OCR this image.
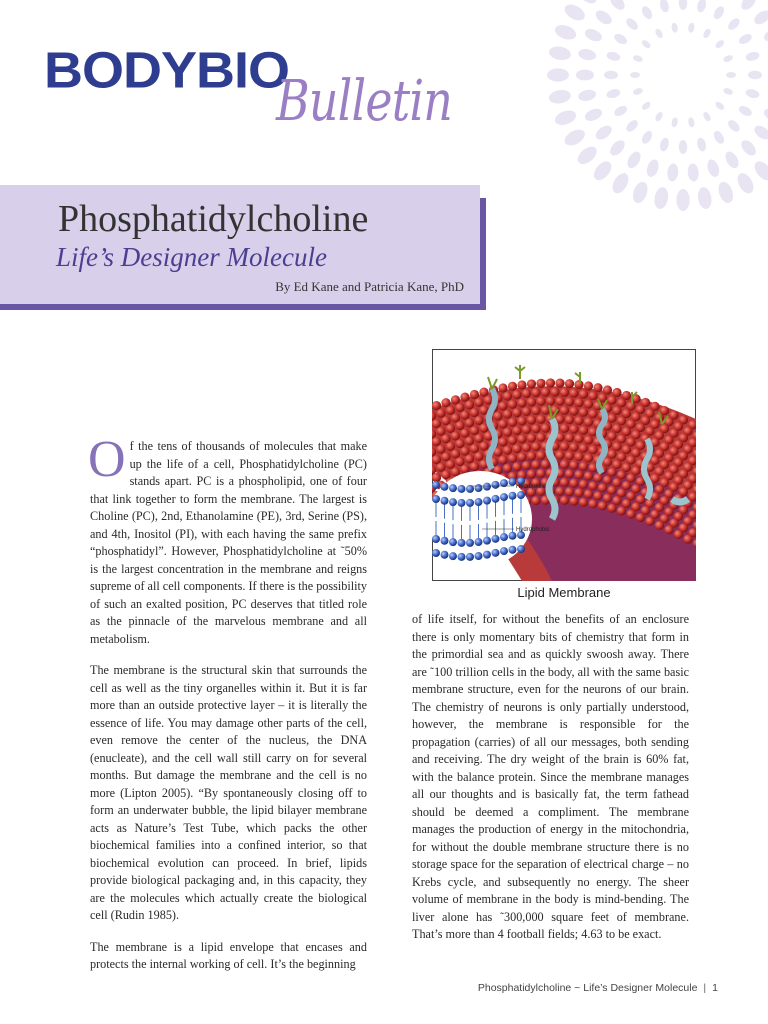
BODYBIO
Bulletin
Phosphatidylcholine
Life’s Designer Molecule
By Ed Kane and Patricia Kane, PhD

Of the tens of thousands of molecules that make up the life of a cell, Phosphatidylcholine (PC) stands apart. PC is a phospholipid, one of four that link together to form the membrane. The largest is Choline (PC), 2nd, Ethanolamine (PE), 3rd, Serine (PS), and 4th, Inositol (PI), with each having the same prefix “phosphatidyl”. However, Phosphatidylcholine at ˜50% is the largest concentration in the membrane and reigns supreme of all cell components. If there is the possibility of such an exalted position, PC deserves that titled role as the pinnacle of the marvelous membrane and all metabolism.

The membrane is the structural skin that surrounds the cell as well as the tiny organelles within it. But it is far more than an outside protective layer – it is literally the essence of life. You may damage other parts of the cell, even remove the center of the nucleus, the DNA (enucleate), and the cell wall still carry on for several months. But damage the membrane and the cell is no more (Lipton 2005). “By spontaneously closing off to form an underwater bubble, the lipid bilayer membrane acts as Nature’s Test Tube, which packs the other biochemical families into a confined interior, so that biochemical evolution can proceed. In brief, lipids provide biological packaging and, in this capacity, they are the molecules which actually create the biological cell (Rudin 1985).

The membrane is a lipid envelope that encases and protects the internal working of cell. It’s the beginning

Hydrophilic
Hydrophobic
Lipid Membrane

of life itself, for without the benefits of an enclosure there is only momentary bits of chemistry that form in the primordial sea and as quickly swoosh away. There are ˜100 trillion cells in the body, all with the same basic membrane structure, even for the neurons of our brain. The chemistry of neurons is only partially understood, however, the membrane is responsible for the propagation (carries) of all our messages, both sending and receiving. The dry weight of the brain is 60% fat, with the balance protein. Since the membrane manages all our thoughts and is basically fat, the term fathead should be deemed a compliment. The membrane manages the production of energy in the mitochondria, for without the double membrane structure there is no storage space for the separation of electrical charge – no Krebs cycle, and subsequently no energy. The sheer volume of membrane in the body is mind-bending. The liver alone has ˜300,000 square feet of membrane. That’s more than 4 football fields; 4.63 to be exact.

Phosphatidylcholine ~ Life’s Designer Molecule | 1
